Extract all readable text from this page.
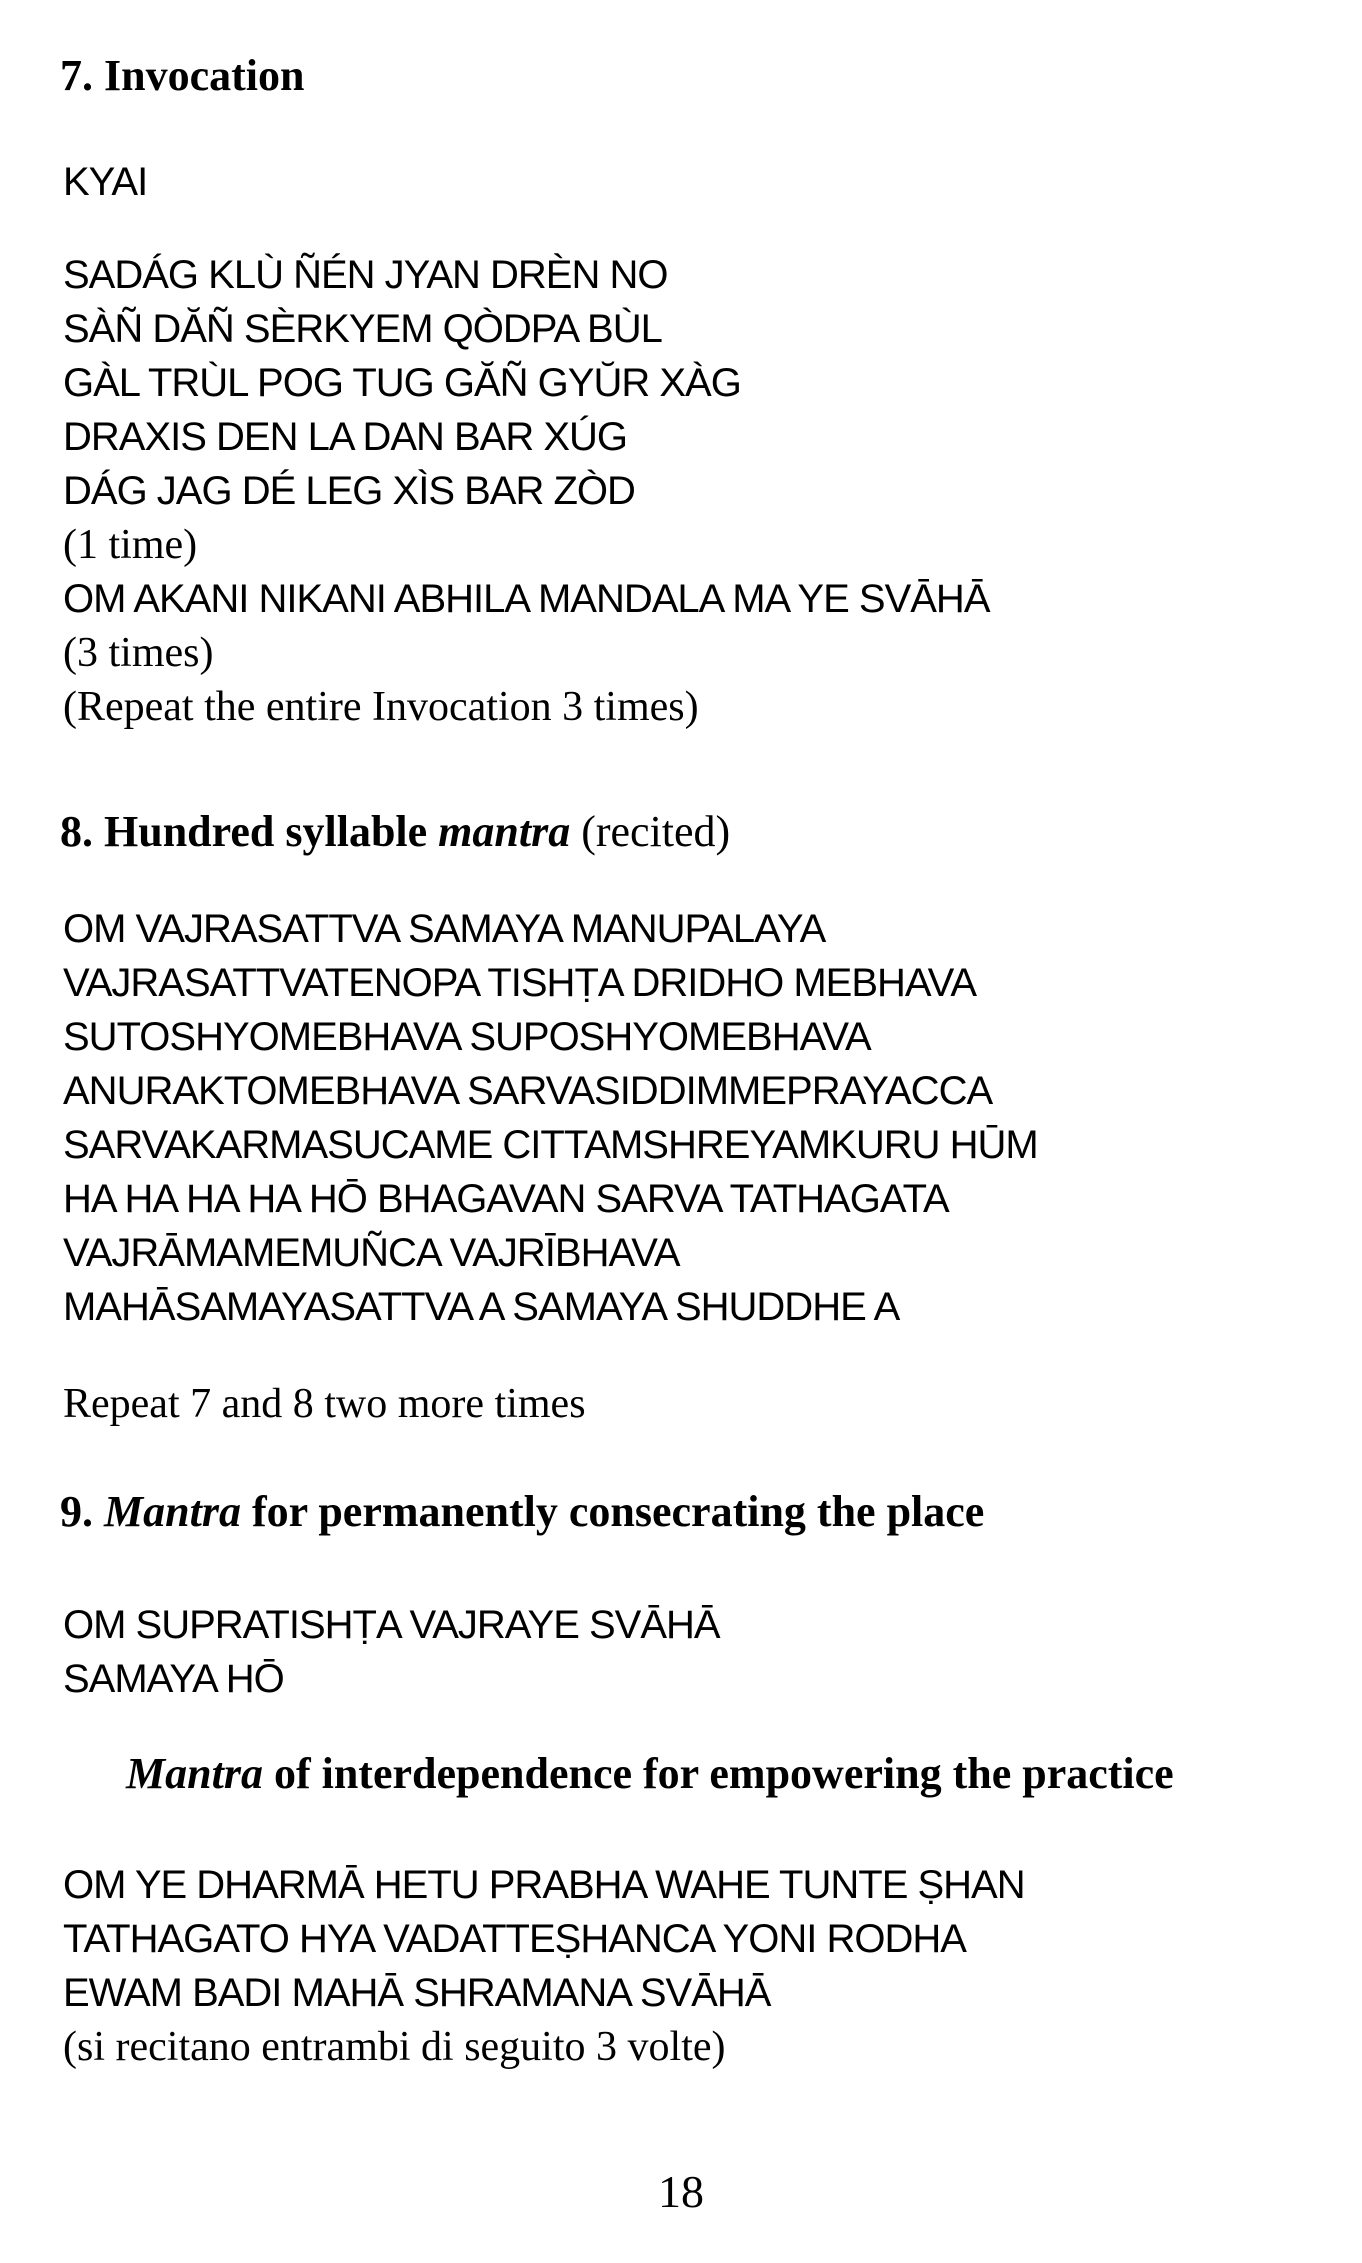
7. Invocation
KYAI
SADÁG KLÙ ÑÉN JYAN DRÈN NO
SÀÑ DĂÑ SÈRKYEM QÒDPA BÙL
GÀL TRÙL POG TUG GĂÑ GYŬR XÀG
DRAXIS DEN LA DAN BAR XÚG
DÁG JAG DÉ LEG XÌS BAR ZÒD
(1 time)
OM AKANI NIKANI ABHILA MANDALA MA YE SVĀHĀ
(3 times)
(Repeat the entire Invocation 3 times)
8. Hundred syllable mantra (recited)
OM VAJRASATTVA SAMAYA MANUPALAYA
VAJRASATTVATENOPA TISHṬA DRIDHO MEBHAVA
SUTOSHYOMEBHAVA SUPOSHYOMEBHAVA
ANURAKTOMEBHAVA SARVASIDDIMMEPRAYACCA
SARVAKARMASUCAME CITTAMSHREYAMKURU HŪM
HA HA HA HA HŌ BHAGAVAN SARVA TATHAGATA
VAJRĀMAMEMUÑCA VAJRĪBHAVA
MAHĀSAMAYASATTVA A SAMAYA SHUDDHE A
Repeat 7 and 8 two more times
9. Mantra for permanently consecrating the place
OM SUPRATISHṬA VAJRAYE SVĀHĀ
SAMAYA HŌ
Mantra of interdependence for empowering the practice
OM YE DHARMĀ HETU PRABHA WAHE TUNTE ṢHAN
TATHAGATO HYA VADATTEṢHANCA YONI RODHA
EWAM BADI MAHĀ SHRAMANA SVĀHĀ
(si recitano entrambi di seguito 3 volte)
18
